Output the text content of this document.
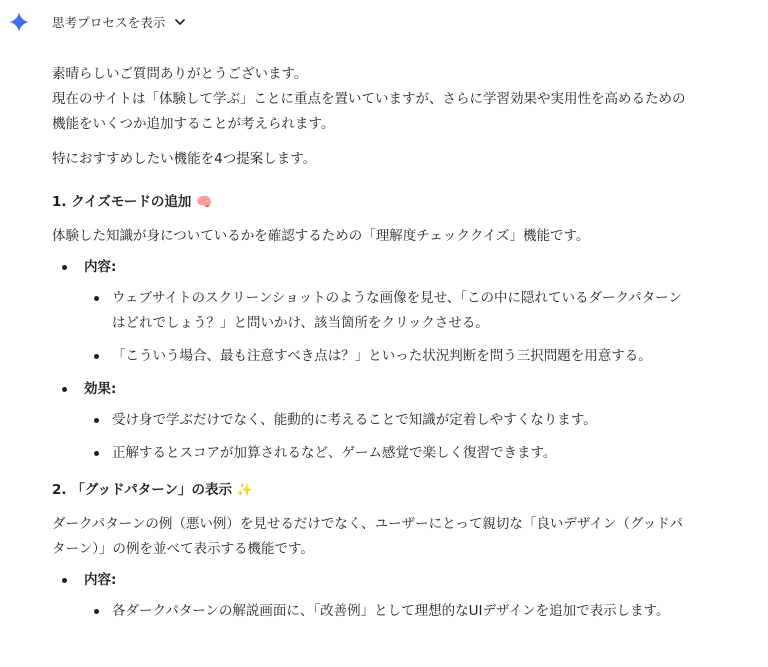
思考プロセスを表示

素晴らしいご質問ありがとうございます。

現在のサイトは「体験して学ぶ」ことに重点を置いていますが、さらに学習効果や実用性を高めるための機能をいくつか追加することが考えられます。

特におすすめしたい機能を4つ提案します。

1. クイズモードの追加 🧠

体験した知識が身についているかを確認するための「理解度チェッククイズ」機能です。

内容:
ウェブサイトのスクリーンショットのような画像を見せ、「この中に隠れているダークパターンはどれでしょう？」と問いかけ、該当箇所をクリックさせる。
「こういう場合、最も注意すべき点は？」といった状況判断を問う三択問題を用意する。
効果:
受け身で学ぶだけでなく、能動的に考えることで知識が定着しやすくなります。
正解するとスコアが加算されるなど、ゲーム感覚で楽しく復習できます。
2. 「グッドパターン」の表示 ✨

ダークパターンの例（悪い例）を見せるだけでなく、ユーザーにとって親切な「良いデザイン（グッドパターン）」の例を並べて表示する機能です。

内容:
各ダークパターンの解説画面に、「改善例」として理想的なUIデザインを追加で表示します。
